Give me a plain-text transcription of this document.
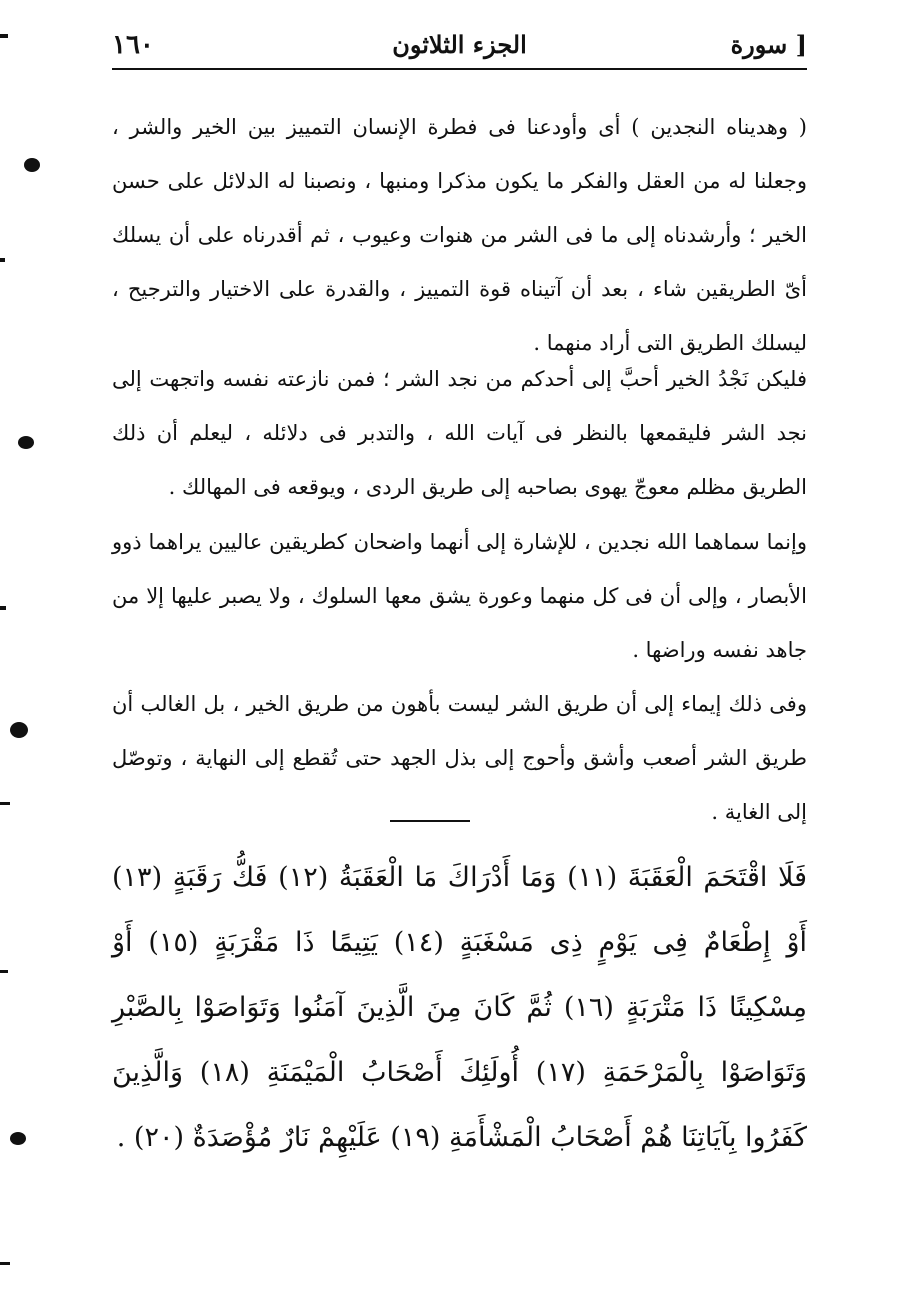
١٦٠	الجزء الثلاثون	[ سورة

( وهديناه النجدين ) أى وأودعنا فى فطرة الإنسان التمييز بين الخير والشر ، وجعلنا له من العقل والفكر ما يكون مذكرا ومنبها ، ونصبنا له الدلائل على حسن الخير ؛ وأرشدناه إلى ما فى الشر من هنوات وعيوب ، ثم أقدرناه على أن يسلك أىّ الطريقين شاء ، بعد أن آتيناه قوة التمييز ، والقدرة على الاختيار والترجيح ، ليسلك الطريق التى أراد منهما .

فليكن نَجْدُ الخير أحبَّ إلى أحدكم من نجد الشر ؛ فمن نازعته نفسه واتجهت إلى نجد الشر فليقمعها بالنظر فى آيات الله ، والتدبر فى دلائله ، ليعلم أن ذلك الطريق مظلم معوجّ يهوى بصاحبه إلى طريق الردى ، ويوقعه فى المهالك .

وإنما سماهما الله نجدين ، للإشارة إلى أنهما واضحان كطريقين عاليين يراهما ذوو الأبصار ، وإلى أن فى كل منهما وعورة يشق معها السلوك ، ولا يصبر عليها إلا من جاهد نفسه وراضها .

وفى ذلك إيماء إلى أن طريق الشر ليست بأهون من طريق الخير ، بل الغالب أن طريق الشر أصعب وأشق وأحوج إلى بذل الجهد حتى تُقطع إلى النهاية ، وتوصّل إلى الغاية .

فَلَا اقْتَحَمَ الْعَقَبَةَ (١١) وَمَا أَدْرَاكَ مَا الْعَقَبَةُ (١٢) فَكُّ رَقَبَةٍ (١٣) أَوْ إِطْعَامٌ فِى يَوْمٍ ذِى مَسْغَبَةٍ (١٤) يَتِيمًا ذَا مَقْرَبَةٍ (١٥) أَوْ مِسْكِينًا ذَا مَتْرَبَةٍ (١٦) ثُمَّ كَانَ مِنَ الَّذِينَ آمَنُوا وَتَوَاصَوْا بِالصَّبْرِ وَتَوَاصَوْا بِالْمَرْحَمَةِ (١٧) أُولَئِكَ أَصْحَابُ الْمَيْمَنَةِ (١٨) وَالَّذِينَ كَفَرُوا بِآيَاتِنَا هُمْ أَصْحَابُ الْمَشْأَمَةِ (١٩) عَلَيْهِمْ نَارٌ مُؤْصَدَةٌ (٢٠) .
